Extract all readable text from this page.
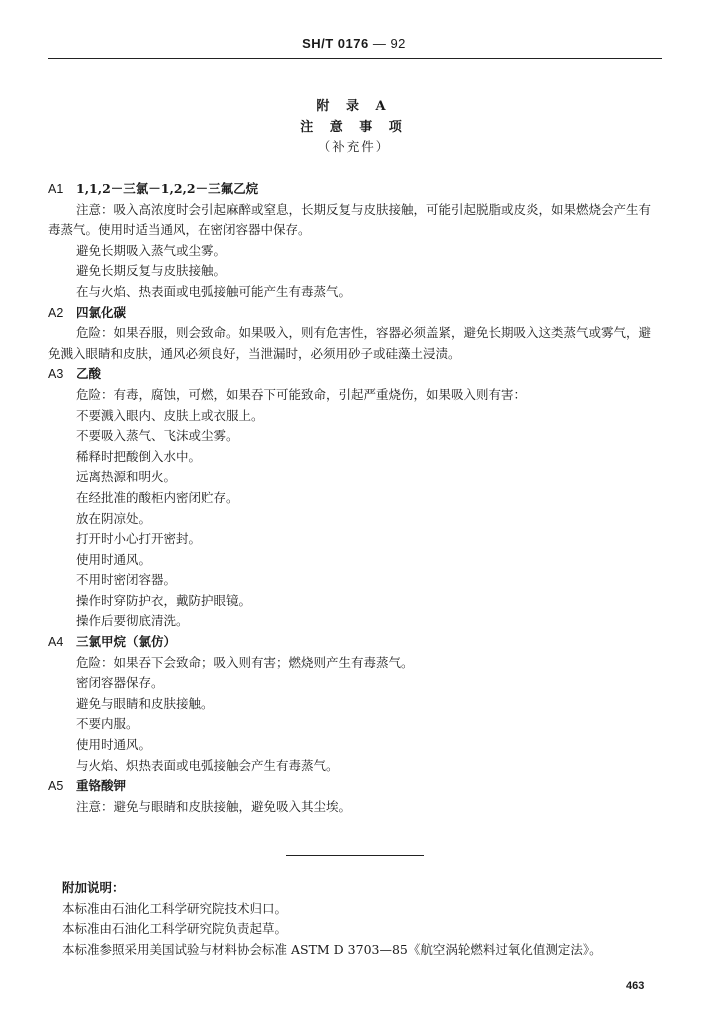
SH/T 0176 — 92
附 录 A
注 意 事 项
（补充件）
A1 1,1,2－三氯－1,2,2－三氟乙烷
注意：吸入高浓度时会引起麻醉或窒息，长期反复与皮肤接触，可能引起脱脂或皮炎，如果燃烧会产生有毒蒸气。使用时适当通风，在密闭容器中保存。
避免长期吸入蒸气或尘雾。
避免长期反复与皮肤接触。
在与火焰、热表面或电弧接触可能产生有毒蒸气。
A2 四氯化碳
危险：如果吞服，则会致命。如果吸入，则有危害性，容器必须盖紧，避免长期吸入这类蒸气或雾气，避免溅入眼睛和皮肤，通风必须良好，当泄漏时，必须用砂子或硅藻土浸渍。
A3 乙酸
危险：有毒，腐蚀，可燃，如果吞下可能致命，引起严重烧伤，如果吸入则有害：
不要溅入眼内、皮肤上或衣服上。
不要吸入蒸气、飞沫或尘雾。
稀释时把酸倒入水中。
远离热源和明火。
在经批准的酸柜内密闭贮存。
放在阴凉处。
打开时小心打开密封。
使用时通风。
不用时密闭容器。
操作时穿防护衣，戴防护眼镜。
操作后要彻底清洗。
A4 三氯甲烷（氯仿）
危险：如果吞下会致命；吸入则有害；燃烧则产生有毒蒸气。
密闭容器保存。
避免与眼睛和皮肤接触。
不要内服。
使用时通风。
与火焰、炽热表面或电弧接触会产生有毒蒸气。
A5 重铬酸钾
注意：避免与眼睛和皮肤接触，避免吸入其尘埃。
附加说明：
本标准由石油化工科学研究院技术归口。
本标准由石油化工科学研究院负责起草。
本标准参照采用美国试验与材料协会标准 ASTM D 3703—85《航空涡轮燃料过氧化值测定法》。
463
